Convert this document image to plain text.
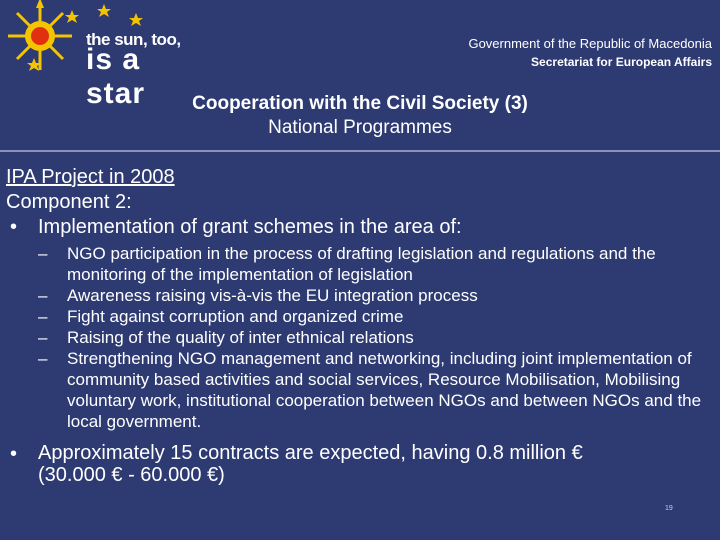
the sun, too,
is a star
Government of the Republic of Macedonia
Secretariat for European Affairs
Cooperation with the Civil Society (3)
National Programmes
IPA Project in 2008
Component 2:
•	Implementation of grant schemes in the area of:
–	NGO participation in the process of drafting legislation and regulations and the monitoring of the implementation of legislation
–	Awareness raising vis-à-vis the EU integration process
–	Fight against corruption and organized crime
–	Raising of the quality of inter ethnical relations
–	Strengthening NGO management and networking, including joint implementation of community based activities and social services, Resource Mobilisation, Mobilising voluntary work, institutional cooperation between NGOs and between NGOs and the local government.
•	Approximately 15 contracts are expected, having 0.8 million €
(30.000 € - 60.000 €)
19
